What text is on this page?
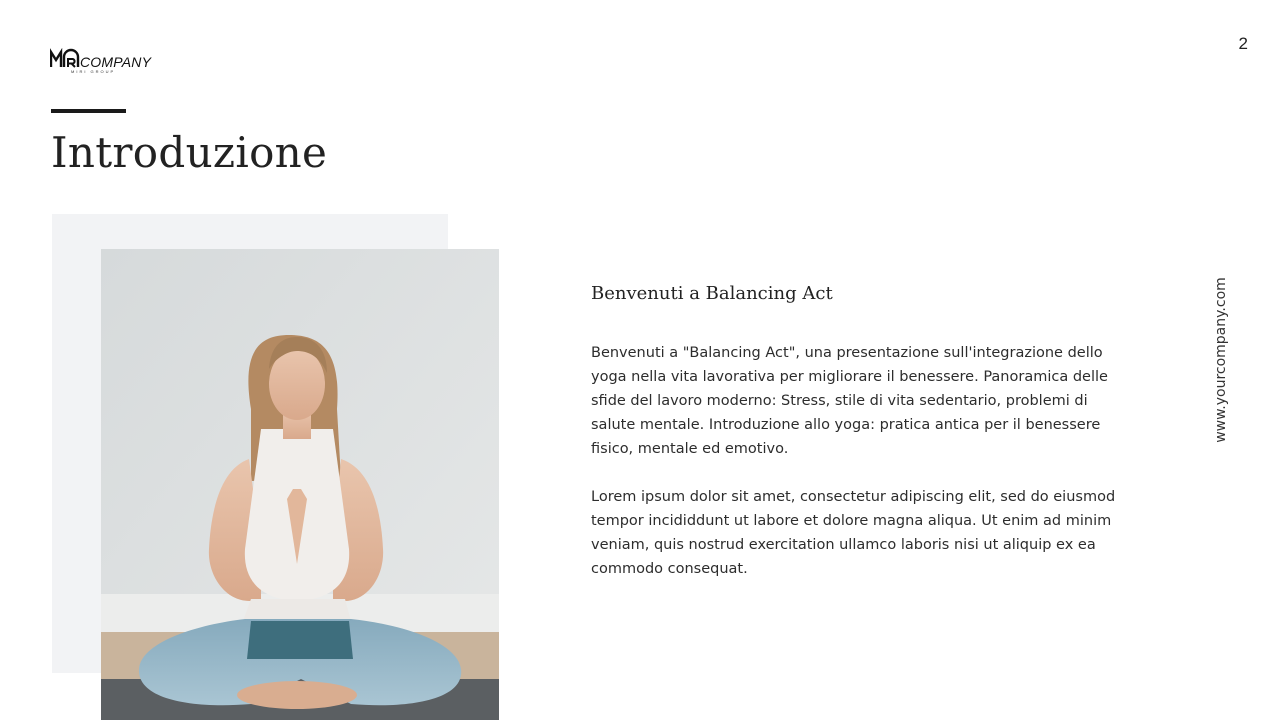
2
COMPANY
MIRI GROUP
Introduzione
Benvenuti a Balancing Act

Benvenuti a "Balancing Act", una presentazione sull'integrazione dello yoga nella vita lavorativa per migliorare il benessere. Panoramica delle sfide del lavoro moderno: Stress, stile di vita sedentario, problemi di salute mentale. Introduzione allo yoga: pratica antica per il benessere fisico, mentale ed emotivo.

Lorem ipsum dolor sit amet, consectetur adipiscing elit, sed do eiusmod tempor incididdunt ut labore et dolore magna aliqua. Ut enim ad minim veniam, quis nostrud exercitation ullamco laboris nisi ut aliquip ex ea commodo consequat.

www.yourcompany.com
